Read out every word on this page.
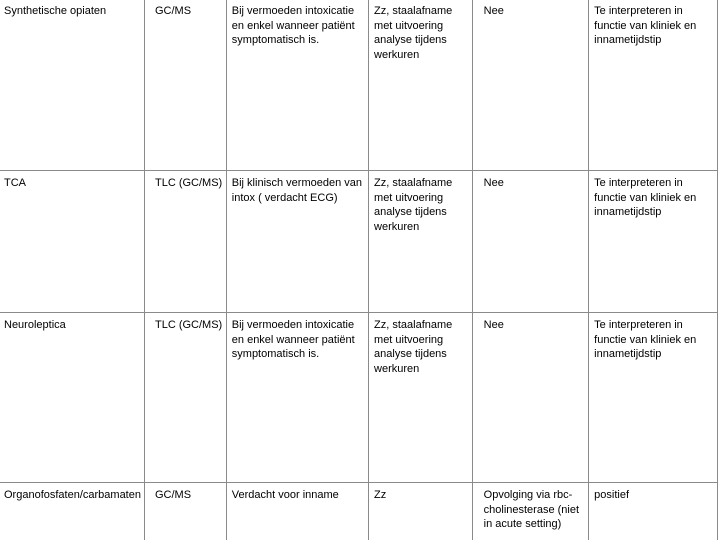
Synthetische opiaten	GC/MS	Bij vermoeden intoxicatie en enkel wanneer patiënt symptomatisch is.	Zz, staalafname met uitvoering analyse tijdens werkuren	Nee	Te interpreteren in functie van kliniek en innametijdstip
TCA	TLC (GC/MS)	Bij klinisch vermoeden van intox ( verdacht ECG)	Zz, staalafname met uitvoering analyse tijdens werkuren	Nee	Te interpreteren in functie van kliniek en innametijdstip
Neuroleptica	TLC (GC/MS)	Bij vermoeden intoxicatie en enkel wanneer patiënt symptomatisch is.	Zz, staalafname met uitvoering analyse tijdens werkuren	Nee	Te interpreteren in functie van kliniek en innametijdstip
Organofosfaten/carbamaten	GC/MS	Verdacht voor inname	Zz	Opvolging via rbc-cholinesterase (niet in acute setting)	positief
